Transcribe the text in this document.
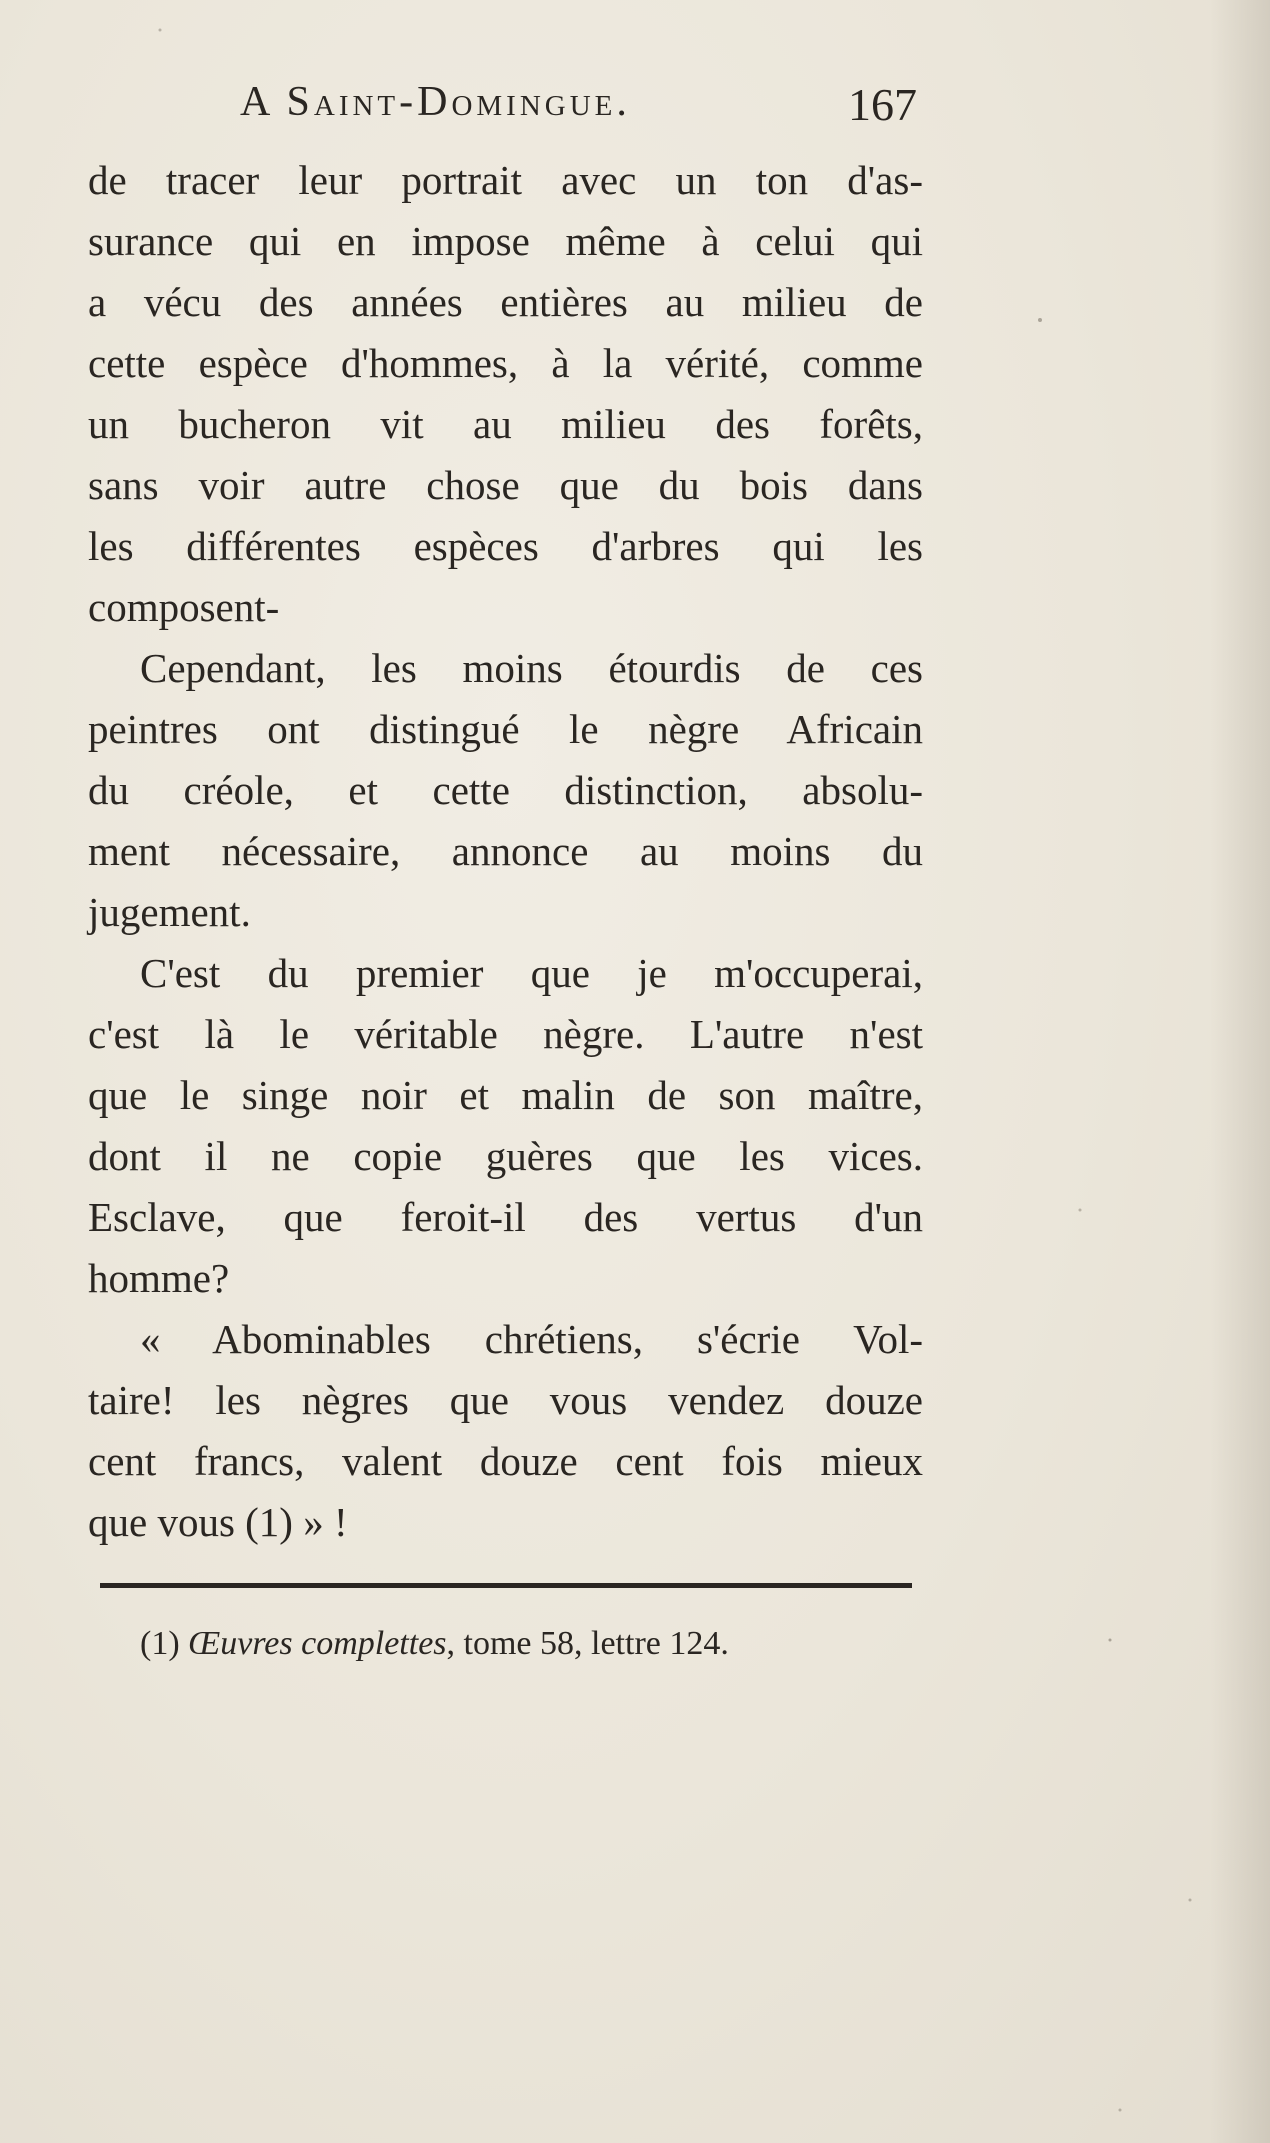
A Saint-Domingue.	167
de tracer leur portrait avec un ton d'as-
surance qui en impose même à celui qui
a vécu des années entières au milieu de
cette espèce d'hommes, à la vérité, comme
un bucheron vit au milieu des forêts,
sans voir autre chose que du bois dans
les différentes espèces d'arbres qui les
composent-
Cependant, les moins étourdis de ces
peintres ont distingué le nègre Africain
du créole, et cette distinction, absolu-
ment nécessaire, annonce au moins du
jugement.
C'est du premier que je m'occuperai,
c'est là le véritable nègre. L'autre n'est
que le singe noir et malin de son maître,
dont il ne copie guères que les vices.
Esclave, que feroit-il des vertus d'un
homme?
« Abominables chrétiens, s'écrie Vol-
taire! les nègres que vous vendez douze
cent francs, valent douze cent fois mieux
que vous (1) » !
(1) Œuvres complettes, tome 58, lettre 124.
